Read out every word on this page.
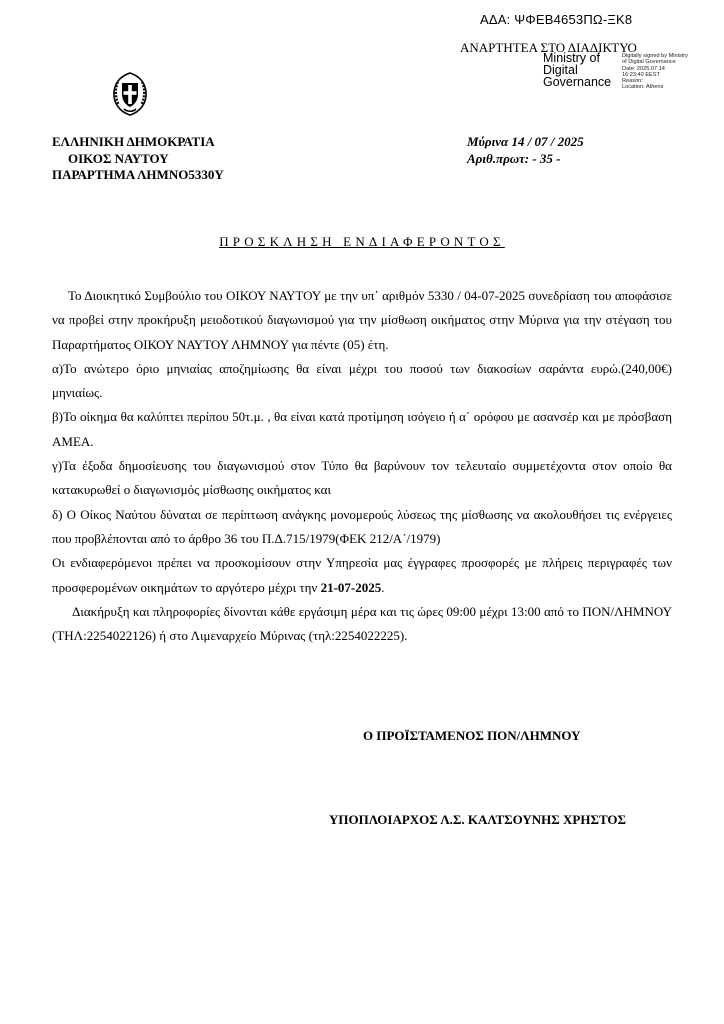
ΑΔΑ: ΨΦΕΒ4653ΠΩ-ΞΚ8
ΑΝΑΡΤΗΤΕΑ ΣΤΟ ΔΙΑΔΙΚΤΥΟ
Ministry of
Digital
Governance
Digitally signed by Ministry
of Digital Governance
Date: 2025.07.14
16:23:40 EEST
Reason:
Location: Athens
ΕΛΛΗΝΙΚΗ ΔΗΜΟΚΡΑΤΙΑ
ΟΙΚΟΣ ΝΑΥΤΟΥ
ΠΑΡΑΡΤΗΜΑ ΛΗΜΝΟ5330Υ
Μύρινα 14 / 07 / 2025
Αριθ.πρωτ: - 35 -
ΠΡΟΣΚΛΗΣΗ ΕΝΔΙΑΦΕΡΟΝΤΟΣ

Το Διοικητικό Συμβούλιο του ΟΙΚΟΥ ΝΑΥΤΟΥ με την υπ᾽ αριθμόν 5330 / 04-07-2025 συνεδρίαση του αποφάσισε να προβεί στην προκήρυξη μειοδοτικού διαγωνισμού για την μίσθωση οικήματος στην Μύρινα για την στέγαση του Παραρτήματος ΟΙΚΟΥ ΝΑΥΤΟΥ ΛΗΜΝΟΥ για πέντε (05) έτη.

α)Το ανώτερο όριο μηνιαίας αποζημίωσης θα είναι μέχρι του ποσού των διακοσίων σαράντα ευρώ.(240,00€) μηνιαίως.

β)Το οίκημα θα καλύπτει περίπου 50τ.μ. , θα είναι κατά προτίμηση ισόγειο ή α΄ ορόφου με ασανσέρ και με πρόσβαση ΑΜΕΑ.

γ)Τα έξοδα δημοσίευσης του διαγωνισμού στον Τύπο θα βαρύνουν τον τελευταίο συμμετέχοντα στον οποίο θα κατακυρωθεί ο διαγωνισμός μίσθωσης οικήματος και

δ) Ο Οίκος Ναύτου δύναται σε περίπτωση ανάγκης μονομερούς λύσεως της μίσθωσης να ακολουθήσει τις ενέργειες που προβλέπονται από το άρθρο 36 του Π.Δ.715/1979(ΦΕΚ 212/Α΄/1979)

Οι ενδιαφερόμενοι πρέπει να προσκομίσουν στην Υπηρεσία μας έγγραφες προσφορές με πλήρεις περιγραφές των προσφερομένων οικημάτων το αργότερο μέχρι την 21-07-2025.

Διακήρυξη και πληροφορίες δίνονται κάθε εργάσιμη μέρα και τις ώρες 09:00 μέχρι 13:00 από το ΠΟΝ/ΛΗΜΝΟΥ (ΤΗΛ:2254022126) ή στο Λιμεναρχείο Μύρινας (τηλ:2254022225).

Ο ΠΡΟΪΣΤΑΜΕΝΟΣ ΠΟΝ/ΛΗΜΝΟΥ
ΥΠΟΠΛΟΙΑΡΧΟΣ Λ.Σ. ΚΑΛΤΣΟΥΝΗΣ ΧΡΗΣΤΟΣ
